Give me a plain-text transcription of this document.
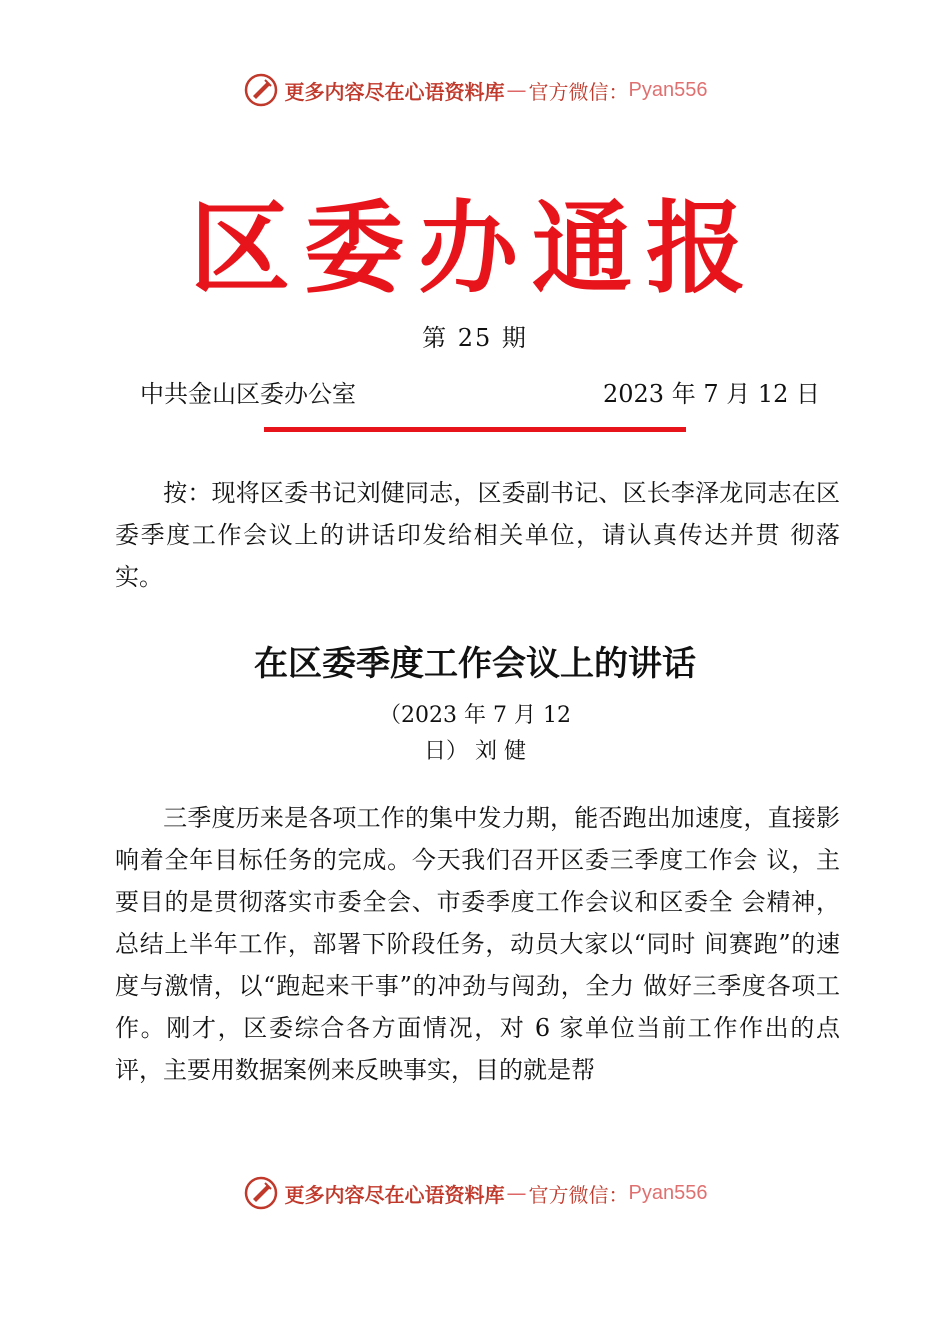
更多内容尽在心语资料库 — 官方微信： Pyan556
区委办通报
第 25 期
中共金山区委办公室	2023 年 7 月 12 日
按：现将区委书记刘健同志，区委副书记、区长李泽龙同志在区委季度工作会议上的讲话印发给相关单位，请认真传达并贯 彻落实。
在区委季度工作会议上的讲话
（2023 年 7 月 12
日） 刘 健
三季度历来是各项工作的集中发力期，能否跑出加速度，直接影响着全年目标任务的完成。今天我们召开区委三季度工作会 议，主要目的是贯彻落实市委全会、市委季度工作会议和区委全 会精神，总结上半年工作，部署下阶段任务，动员大家以“同时 间赛跑”的速度与激情，以“跑起来干事”的冲劲与闯劲，全力 做好三季度各项工作。刚才，区委综合各方面情况，对 6 家单位当前工作作出的点评，主要用数据案例来反映事实，目的就是帮
更多内容尽在心语资料库 — 官方微信： Pyan556
